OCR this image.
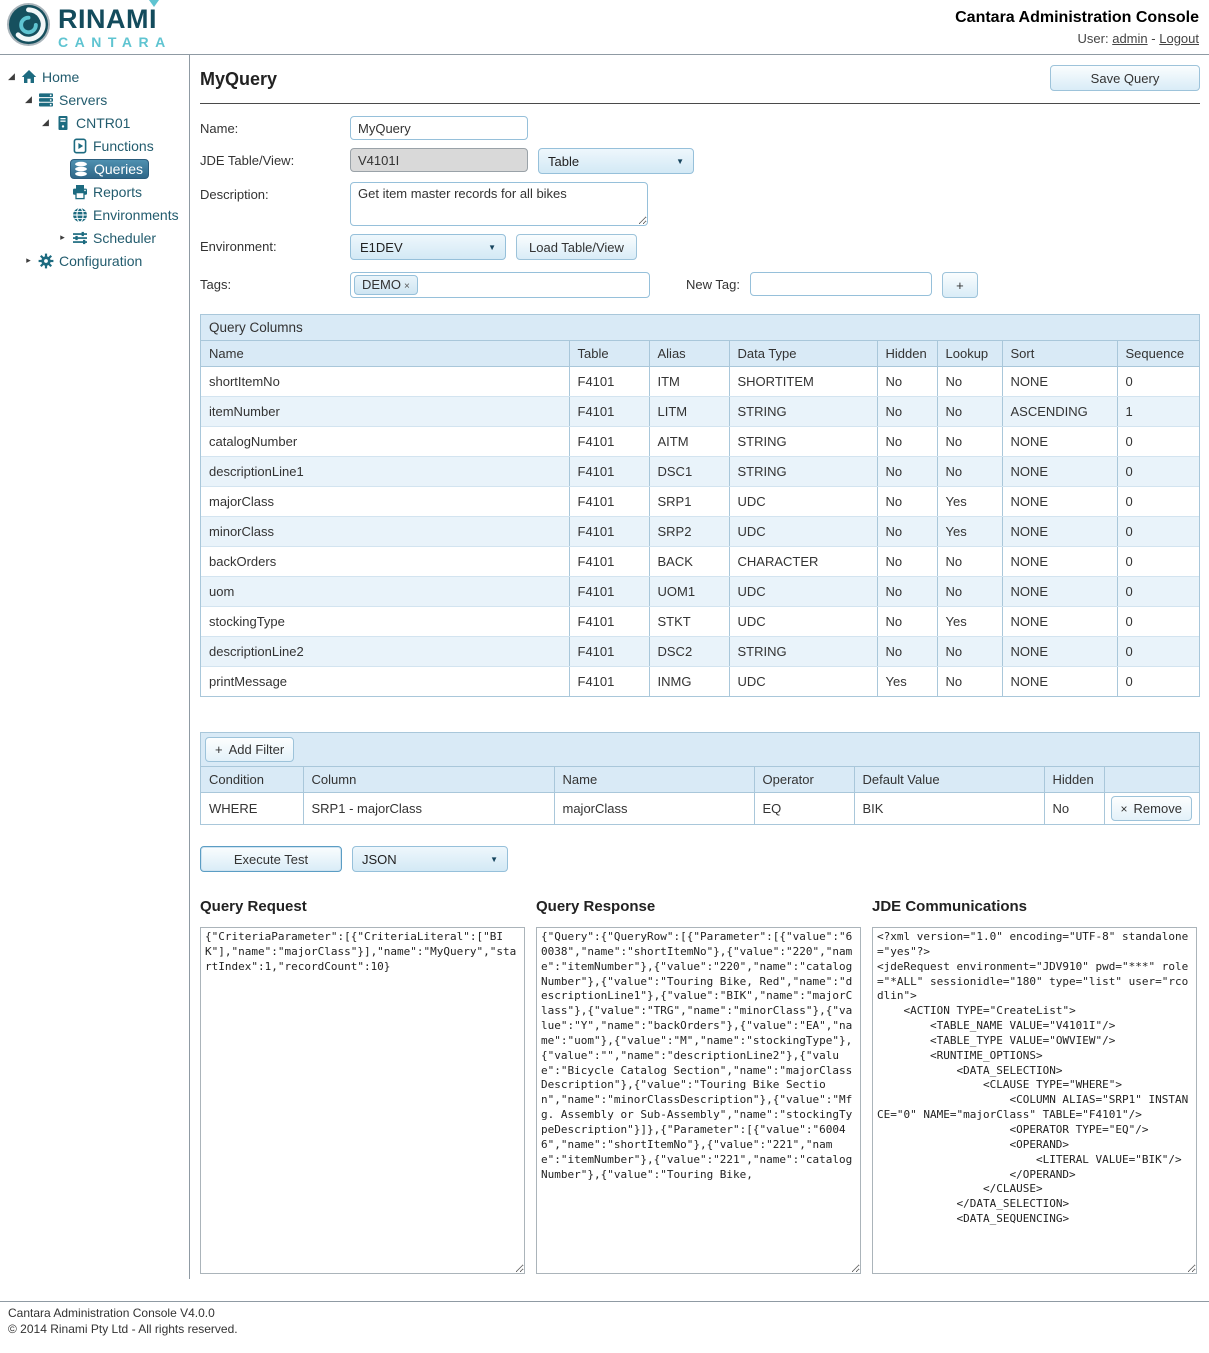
RINAMI
CANTARA
Cantara Administration Console
User: admin - Logout
◢ Home
◢ Servers
◢ CNTR01
Functions
Queries
Reports
Environments
▸	Scheduler
▸	Configuration
MyQuery	Save Query
Name:
MyQuery
JDE Table/View:
V4101I	Table	▼
Description:
Get item master records for all bikes
Environment:	E1DEV	▼	Load Table/View
Tags:	DEMO ×	New Tag:	+
Query Columns
Name	Table	Alias	Data Type	Hidden	Lookup	Sort	Sequence
shortItemNo	F4101	ITM	SHORTITEM	No	No	NONE	0
itemNumber	F4101	LITM	STRING	No	No	ASCENDING	1
catalogNumber	F4101	AITM	STRING	No	No	NONE	0
descriptionLine1	F4101	DSC1	STRING	No	No	NONE	0
majorClass	F4101	SRP1	UDC	No	Yes	NONE	0
minorClass	F4101	SRP2	UDC	No	Yes	NONE	0
backOrders	F4101	BACK	CHARACTER	No	No	NONE	0
uom	F4101	UOM1	UDC	No	No	NONE	0
stockingType	F4101	STKT	UDC	No	Yes	NONE	0
descriptionLine2	F4101	DSC2	STRING	No	No	NONE	0
printMessage	F4101	INMG	UDC	Yes	No	NONE	0
+ Add Filter
Condition	Column	Name	Operator	Default Value	Hidden	
WHERE	SRP1 - majorClass	majorClass	EQ	BIK	No	× Remove
Execute Test	JSON	▼
Query Request
{"CriteriaParameter":[{"CriteriaLiteral":["BIK"],"name":"majorClass"}],"name":"MyQuery","startIndex":1,"recordCount":10}	Query Response
{"Query":{"QueryRow":[{"Parameter":[{"value":"60038","name":"shortItemNo"},{"value":"220","name":"itemNumber"},{"value":"220","name":"catalogNumber"},{"value":"Touring Bike, Red","name":"descriptionLine1"},{"value":"BIK","name":"majorClass"},{"value":"TRG","name":"minorClass"},{"value":"Y","name":"backOrders"},{"value":"EA","name":"uom"},{"value":"M","name":"stockingType"},{"value":"","name":"descriptionLine2"},{"value":"Bicycle Catalog Section","name":"majorClassDescription"},{"value":"Touring Bike Section","name":"minorClassDescription"},{"value":"Mfg. Assembly or Sub-Assembly","name":"stockingTypeDescription"}]},{"Parameter":[{"value":"60046","name":"shortItemNo"},{"value":"221","name":"itemNumber"},{"value":"221","name":"catalogNumber"},{"value":"Touring Bike,	JDE Communications
<?xml version="1.0" encoding="UTF-8" standalone="yes"?> <jdeRequest environment="JDV910" pwd="***" role="*ALL" sessionidle="180" type="list" user="rcodlin"> <ACTION TYPE="CreateList"> <TABLE_NAME VALUE="V4101I"/> <TABLE_TYPE VALUE="OWVIEW"/> <RUNTIME_OPTIONS> <DATA_SELECTION> <CLAUSE TYPE="WHERE"> <COLUMN ALIAS="SRP1" INSTANCE="0" NAME="majorClass" TABLE="F4101"/> <OPERATOR TYPE="EQ"/> <OPERAND> <LITERAL VALUE="BIK"/> </OPERAND> </CLAUSE> </DATA_SELECTION> <DATA_SEQUENCING>
Cantara Administration Console V4.0.0
© 2014 Rinami Pty Ltd - All rights reserved.
